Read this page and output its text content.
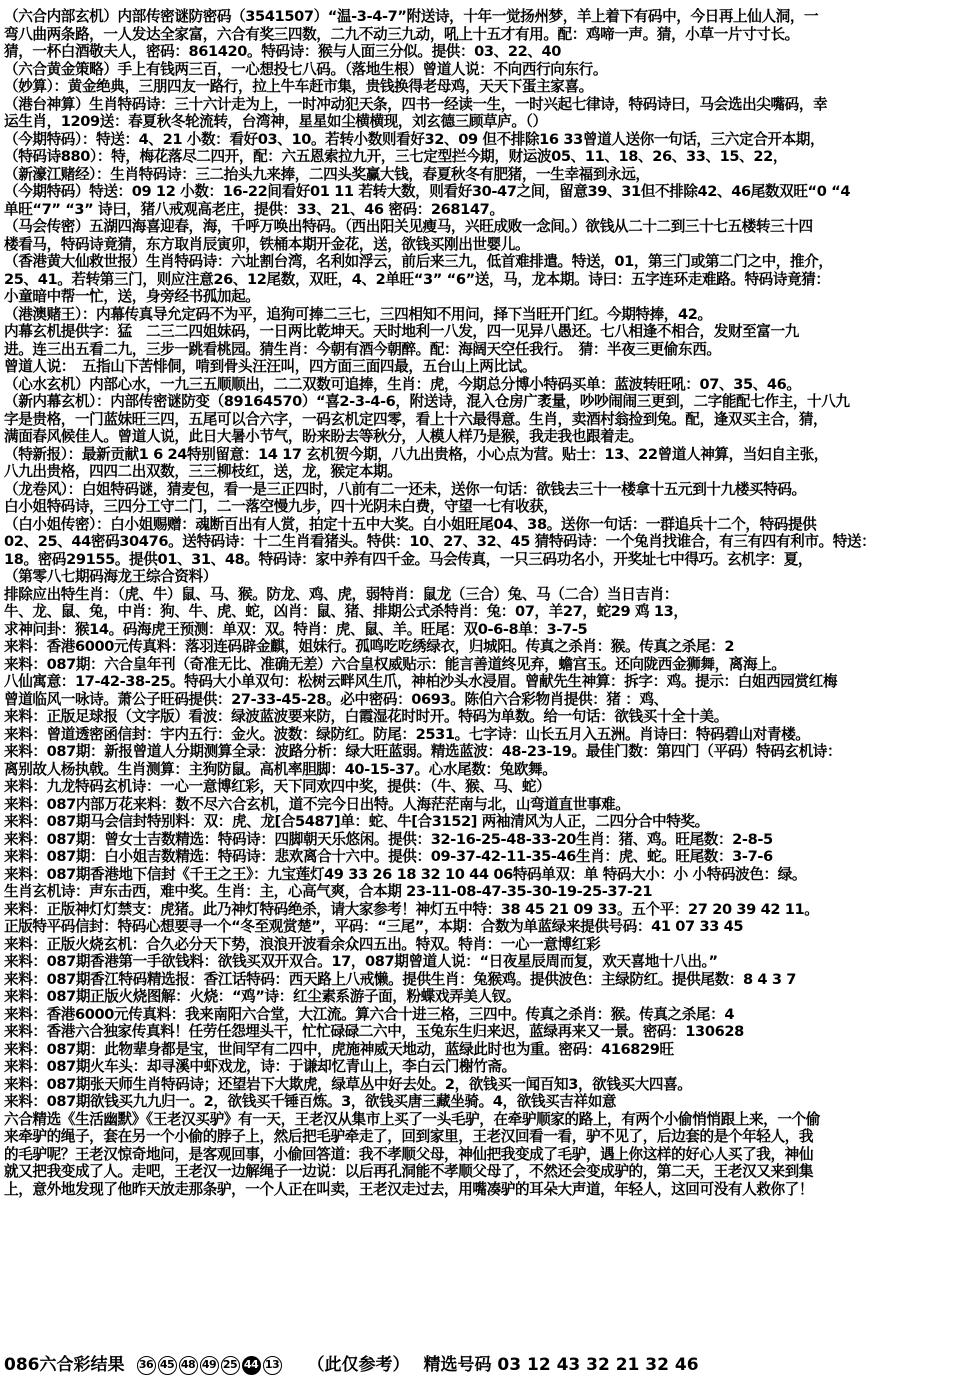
（六合内部玄机）内部传密谜防密码（3541507）“温-3-4-7”附送诗，十年一觉扬州梦，羊上着下有码中，今日再上仙人洞，一
弯八曲两条路，一人发达全家富，六合有奖三四数，二九不动三九动，吼上十五才有用。配：鸡啼一声。猜，小草一片寸寸长。
猜，一杯白酒敬夫人，密码：861420。特码诗：猴与人面三分似。提供：03、22、40
（六合黄金策略）手上有钱两三百，一心想投七八码。（落地生根）曾道人说：不向西行向东行。
（妙算）：黄金绝典，三朋四友一路行，拉上牛车赶市集，贵钱换得老母鸡，天天下蛋主家喜。
（港台神算）生肖特码诗：三十六计走为上，一时冲动犯天条，四书一经读一生，一时兴起七律诗，特码诗曰，马会选出尖嘴码，幸
运生肖，1209送：春夏秋冬轮流转，台湾神，星星如尘横横现，刘玄德三顾草庐。（）
（今期特码）：特送：4、21 小数：看好03、10。若转小数则看好32、09 但不排除16 33曾道人送你一句话，三六定合开本期，
（特码诗880）：特，梅花落尽二四开，配：六五恩索拉九开，三七定型拦今期，财运波05、11、18、26、33、15、22，
（新濠江赌经）：生肖特码诗：三二抬头九来捧，二四头奖赢大钱，春夏秋冬有肥猪，一生幸福到永远，
（今期特码）特送：09 12 小数：16-22间看好01 11 若转大数，则看好30-47之间，留意39、31但不排除42、46尾数双旺“0 “4
单旺“7” “3” 诗曰，猪八戒观高老庄，提供：33、21、46 密码：268147。
（马会传密）五湖四海喜迎春，海，千呼万唤出特码。（西出阳关见瘦马，兴旺成败一念间。）欲钱从二十二到三十七五楼转三十四
楼看马，特码诗竟猜，东方取肖辰寅卯，铁桶本期开金花，送，欲钱买刚出世婴儿。
（香港黄大仙救世报）生肖特码诗：六址割台湾，名利如浮云，前后来三九，低首难排遣。特送，01，第三门或第二门之中，推介，
25、41。若转第三门，则应注意26、12尾数，双旺，4、2单旺“3” “6”送，马，龙本期。诗曰：五字连环走难路。特码诗竟猜：
小童暗中帮一忙，送，身旁经书孤加起。
（港澳赌王）：内幕传真导允定码不为平，追狗可捧二三七，三四相知不用问，择下当旺开门红。今期特捧，42。
内幕玄机提供字：猛　二三二四姐妹码，一日两比乾坤天。天时地利一八发，四一见异八愚还。七八相逢不相合，发财至富一九
进。连三出五看二九，三步一跳看桃园。猜生肖：今朝有酒今朝醉。配：海阔天空任我行。　猜：半夜三更偷东西。
曾道人说：　五指山下苦悱侗，啃到骨头汪汪叫，四方面三面四最，五台山上两比试。
（心水玄机）内部心水，一九三五顺顺出，二二双数可追捧，生肖：虎，今期总分博小特码买单：蓝波转旺吼：07、35、46。
（新内幕玄机）：内部传密谜防变（89164570）“喜2-3-4-6，附送诗，混入仓房广袤量，吵吵闹闹三更到，二字能配七作主，十八九
字是贵格，一门蓝妹旺三四，五尾可以合六字，一码玄机定四零，看上十六最得意。生肖，卖酒村翁捡到兔。配，逢双买主合，猜，
满面春风候佳人。曾道人说，此日大暑小节气，盼来盼去等秋分，人模人样乃是猴，我走我也跟着走。
（特新报）：最新贡献1 6 24特别留意：14 17 玄机贺今期，八九出贵格，小心点为营。贴士：13、22曾道人神算，当妇自主张，
八九出贵格，四四二出双数，三三柳枝红，送，龙，猴定本期。
（龙卷风）：白姐特码谜，猜麦包，看一是三正四时，八前有二一还未，送你一句话：欲钱去三十一楼拿十五元到十九楼买特码。
白小姐特码诗，三四分工守二门，二一落空慢九步，四十光阴未白费，守望一七有收获，
（白小姐传密）：白小姐赐赠：魂断百出有人赏，拍定十五中大奖。白小姐旺尾04、38。送你一句话：一群追兵十二个，特码提供
02、25、44密码30476。送特码诗：十二生肖看猪头。特供：10、27、32、45 猜特码诗：一个兔肖找谁合，有三有四有利市。特送：
18。密码29155。提供01、31、48。特码诗：家中养有四千金。马会传真，一只三码功名小，开奖址七中得巧。玄机字：夏，
（第零八七期码海龙王综合资料）
排除应出特生肖：（虎、牛）鼠、马、猴。防龙、鸡、虎，弱特肖：鼠龙（三合）兔、马（二合）当日吉肖：
牛、龙、鼠、兔，中肖：狗、牛、虎、蛇，凶肖：鼠、猪、排期公式杀特肖：兔：07，羊27，蛇29 鸡 13，
求神问卦：猴14。码海虎王预测：单双：双。特肖：虎、鼠、羊。旺尾：双0-6-8单：3-7-5
来料：香港6000元传真料：落羽连码辟金麒，姐妹行。孤鸣吃吃绣绿衣，归城阳。传真之杀肖：猴。传真之杀尾：2
来料：087期：六合皇年刊（奇准无比、准确无差）六合皇权威贴示：能言善道终见弃，蟾宫玉。还向陇西金狮舞，离海上。
八仙寓意：17-42-38-25。特码大小单双句：松树云畔风生爪，神柏沙头水浸眉。曾献先生神算：拆字：鸡。提示：白姐西园赏红梅
曾道临风一咏诗。萧公子旺码提供：27-33-45-28。必中密码：0693。陈伯六合彩物肖提供：猪 ：鸡、
来料：正版足球报（文字版）看波：绿波蓝波要来防，白霞湿花时时开。特码为单数。给一句话：欲钱买十全十美。
来料：曾道透密函信封：宇内五行：金火。波数：绿防红。防尾：2531。七字诗：山长五月入五洲。肖诗曰：特码碧山对青楼。
来料：087期：新报曾道人分期测算全录：波路分析：绿大旺蓝弱。精选蓝波：48-23-19。最佳门数：第四门（平码）特码玄机诗：
离别故人杨执戟。生肖测算：主狗防鼠。高机率胆脚：40-15-37。心水尾数：兔欧舞。
来料：九龙特码玄机诗：一心一意博红彩，天下同欢四中奖，提供：（牛、猴、马、蛇）
来料：087内部万花来料：数不尽六合玄机，道不完今日出特。人海茫茫南与北，山弯道直世事难。
来料：087期马会信封特别料：双：虎、龙[合5487]单：蛇、牛[合3152] 两袖清风为人正，二四分合中特奖。
来料：087期：曾女士吉数精选：特码诗：四脚朝天乐悠闲。提供：32-16-25-48-33-20生肖：猪、鸡。旺尾数：2-8-5
来料：087期：白小姐吉数精选：特码诗：悲欢离合十六中。提供：09-37-42-11-35-46生肖：虎、蛇。旺尾数：3-7-6
来料：087期香港地下信封《千王之王》：九宝莲灯49 33 26 18 32 10 44 06特码单双：单 特码大小：小 小特码波色：绿。
生肖玄机诗：声东击西，难中奖。生肖：主，心高气爽，合本期 23-11-08-47-35-30-19-25-37-21
来料：正版神灯灯禁支：虎猪。此乃神灯特码绝杀，请大家参考！神灯五中特：38 45 21 09 33。五个平：27 20 39 42 11。
正版特平码信封：特码心想要寻一个“冬至观赏楚”，平码：“三尾”，本期：合数为单蓝绿来提供号码：41 07 33 45
来料：正版火烧玄机：合久必分天下势，浪浪开波看余众四五出。特双。特肖：一心一意博红彩
来料：087期香港第一手欲钱料：欲钱买双开双合。17，087期曾道人说：“日夜星辰周而复，欢天喜地十八出。”
来料：087期香江特码精选报：香江话特码：西天路上八戒懒。提供生肖：兔猴鸡。提供波色：主绿防红。提供尾数：8 4 3 7
来料：087期正版火烧图解：火烧：“鸡”诗：红尘素系游子面，粉蝶戏弄美人钗。
来料：香港6000元传真料：我来南阳六合堂，大江流。算六合十进三格，三四中。传真之杀肖：猴。传真之杀尾：4
来料：香港六合独家传真料！任劳任怨埋头干，忙忙碌碌二六中，玉兔东生归来迟，蓝绿再来又一景。密码：130628
来料：087期：此物辈身都是宝，世间罕有二四中，虎施神威天地动，蓝绿此时也为重。密码：416829旺
来料：087期火车头：却寻溪中虾戏龙，诗：于谦却忆青山上，李白云门榭竹斋。
来料：087期张天师生肖特码诗；还望岩下大欺虎，绿草丛中好去处。2，欲钱买一闻百知3，欲钱买大四喜。
来料：087期欲钱买九九归一。2，欲钱买千锤百炼。3，欲钱买唐三藏坐骑。4，欲钱买吉祥如意
六合精选《生活幽默》《王老汉买驴》有一天，王老汉从集市上买了一头毛驴，在牵驴顺家的路上，有两个小偷悄悄跟上来，一个偷
来牵驴的绳子，套在另一个小偷的脖子上，然后把毛驴牵走了，回到家里，王老汉回看一看，驴不见了，后边套的是个年轻人，我
的毛驴呢？王老汉惊奇地问，是客观回事，小偷回答道：我不孝顺父母，神仙把我变成了毛驴，遇上你这样的好心人买了我，神仙
就又把我变成了人。走吧，王老汉一边解绳子一边说：以后再孔洞能不孝顺父母了，不然还会变成驴的，第二天，王老汉又来到集
上，意外地发现了他昨天放走那条驴，一个人正在叫卖，王老汉走过去，用嘴凑驴的耳朵大声道，年轻人，这回可没有人救你了！
086六合彩结果 36 45 48 49 25 44 13 （此仅参考） 精选号码 03 12 43 32 21 32 46
